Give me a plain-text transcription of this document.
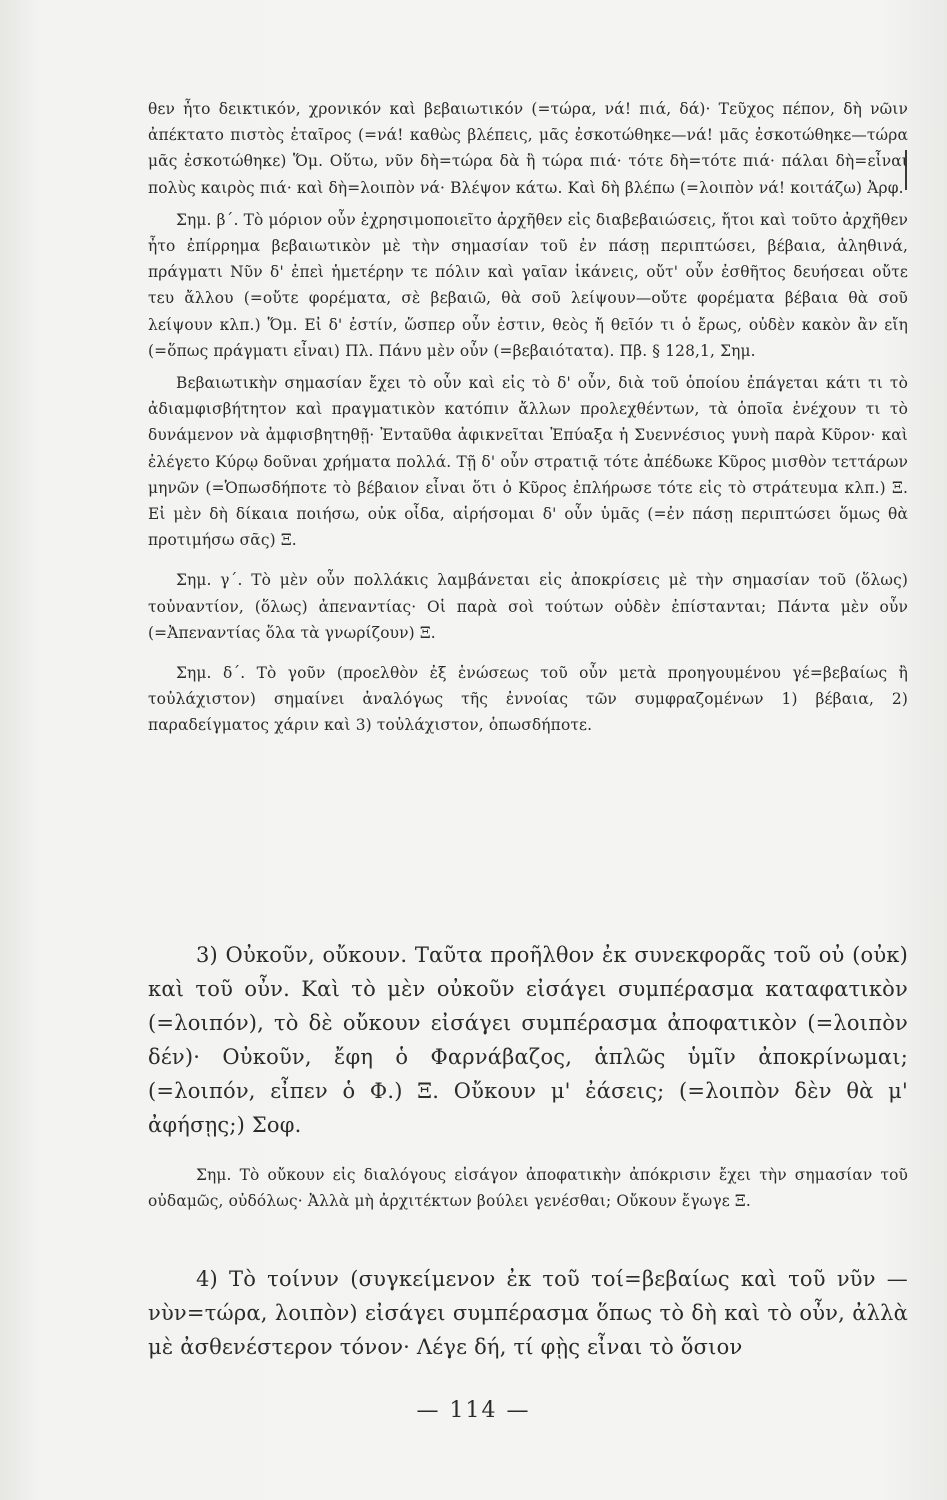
θεν ἦτο δεικτικόν, χρονικόν καὶ βεβαιωτικόν (=τώρα, νά! πιά, δά)· Τεῦχος πέπον, δὴ νῶιν ἀπέκτατο πιστὸς ἑταῖρος (=νά! καθὼς βλέπεις, μᾶς ἐσκοτώθηκε—νά! μᾶς ἐσκοτώθηκε—τώρα μᾶς ἐσκοτώθηκε) Ὅμ. Οὕτω, νῦν δὴ=τώρα δὰ ἢ τώρα πιά· τότε δὴ=τότε πιά· πάλαι δὴ=εἶναι πολὺς καιρὸς πιά· καὶ δὴ=λοιπὸν νά· Βλέψον κάτω. Καὶ δὴ βλέπω (=λοιπὸν νά! κοιτάζω) Ἀρφ.

Σημ. β΄. Τὸ μόριον οὖν ἐχρησιμοποιεῖτο ἀρχῆθεν εἰς διαβεβαιώσεις, ἤτοι καὶ τοῦτο ἀρχῆθεν ἦτο ἐπίρρημα βεβαιωτικὸν μὲ τὴν σημασίαν τοῦ ἐν πάσῃ περιπτώσει, βέβαια, ἀληθινά, πράγματι Νῦν δ' ἐπεὶ ἡμετέρην τε πόλιν καὶ γαῖαν ἱκάνεις, οὔτ' οὖν ἐσθῆτος δευήσεαι οὔτε τευ ἄλλου (=οὔτε φορέματα, σὲ βεβαιῶ, θὰ σοῦ λείψουν—οὔτε φορέματα βέβαια θὰ σοῦ λείψουν κλπ.) Ὅμ. Εἰ δ' ἐστίν, ὥσπερ οὖν ἐστιν, θεὸς ἤ θεῖόν τι ὁ ἔρως, οὐδὲν κακὸν ἂν εἴη (=ὅπως πράγματι εἶναι) Πλ. Πάνυ μὲν οὖν (=βεβαιότατα). Πβ. § 128,1, Σημ.

Βεβαιωτικὴν σημασίαν ἔχει τὸ οὖν καὶ εἰς τὸ δ' οὖν, διὰ τοῦ ὁποίου ἐπάγεται κάτι τι τὸ ἀδιαμφισβήτητον καὶ πραγματικὸν κατόπιν ἄλλων προλεχθέντων, τὰ ὁποῖα ἐνέχουν τι τὸ δυνάμενον νὰ ἀμφισβητηθῇ· Ἐνταῦθα ἀφικνεῖται Ἐπύαξα ἡ Συεννέσιος γυνὴ παρὰ Κῦρον· καὶ ἐλέγετο Κύρῳ δοῦναι χρήματα πολλά. Τῇ δ' οὖν στρατιᾷ τότε ἀπέδωκε Κῦρος μισθὸν τεττάρων μηνῶν (=Ὁπωσδήποτε τὸ βέβαιον εἶναι ὅτι ὁ Κῦρος ἐπλήρωσε τότε εἰς τὸ στράτευμα κλπ.) Ξ. Εἰ μὲν δὴ δίκαια ποιήσω, οὐκ οἶδα, αἱρήσομαι δ' οὖν ὑμᾶς (=ἐν πάσῃ περιπτώσει ὅμως θὰ προτιμήσω σᾶς) Ξ.

Σημ. γ΄. Τὸ μὲν οὖν πολλάκις λαμβάνεται εἰς ἀποκρίσεις μὲ τὴν σημασίαν τοῦ (ὅλως) τοὐναντίον, (ὅλως) ἀπεναντίας· Οἱ παρὰ σοὶ τούτων οὐδὲν ἐπίστανται; Πάντα μὲν οὖν (=Ἀπεναντίας ὅλα τὰ γνωρίζουν) Ξ.

Σημ. δ΄. Τὸ γοῦν (προελθὸν ἐξ ἑνώσεως τοῦ οὖν μετὰ προηγουμένου γέ=βεβαίως ἢ τοὐλάχιστον) σημαίνει ἀναλόγως τῆς ἐννοίας τῶν συμφραζομένων 1) βέβαια, 2) παραδείγματος χάριν καὶ 3) τοὐλάχιστον, ὁπωσδήποτε.

3) Οὐκοῦν, οὔκουν. Ταῦτα προῆλθον ἐκ συνεκφορᾶς τοῦ οὐ (οὐκ) καὶ τοῦ οὖν. Καὶ τὸ μὲν οὐκοῦν εἰσάγει συμπέρασμα καταφατικὸν (=λοιπόν), τὸ δὲ οὔκουν εἰσάγει συμπέρασμα ἀποφατικὸν (=λοιπὸν δέν)· Οὐκοῦν, ἔφη ὁ Φαρνάβαζος, ἁπλῶς ὑμῖν ἀποκρίνωμαι; (=λοιπόν, εἶπεν ὁ Φ.) Ξ. Οὔκουν μ' ἐάσεις; (=λοιπὸν δὲν θὰ μ' ἀφήσῃς;) Σοφ.

Σημ. Τὸ οὔκουν εἰς διαλόγους εἰσάγον ἀποφατικὴν ἀπόκρισιν ἔχει τὴν σημασίαν τοῦ οὐδαμῶς, οὐδόλως· Ἀλλὰ μὴ ἀρχιτέκτων βούλει γενέσθαι; Οὔκουν ἔγωγε Ξ.

4) Τὸ τοίνυν (συγκείμενον ἐκ τοῦ τοί=βεβαίως καὶ τοῦ νῦν —νὺν=τώρα, λοιπὸν) εἰσάγει συμπέρασμα ὅπως τὸ δὴ καὶ τὸ οὖν, ἀλλὰ μὲ ἀσθενέστερον τόνον· Λέγε δή, τί φῂς εἶναι τὸ ὅσιον

— 114 —
